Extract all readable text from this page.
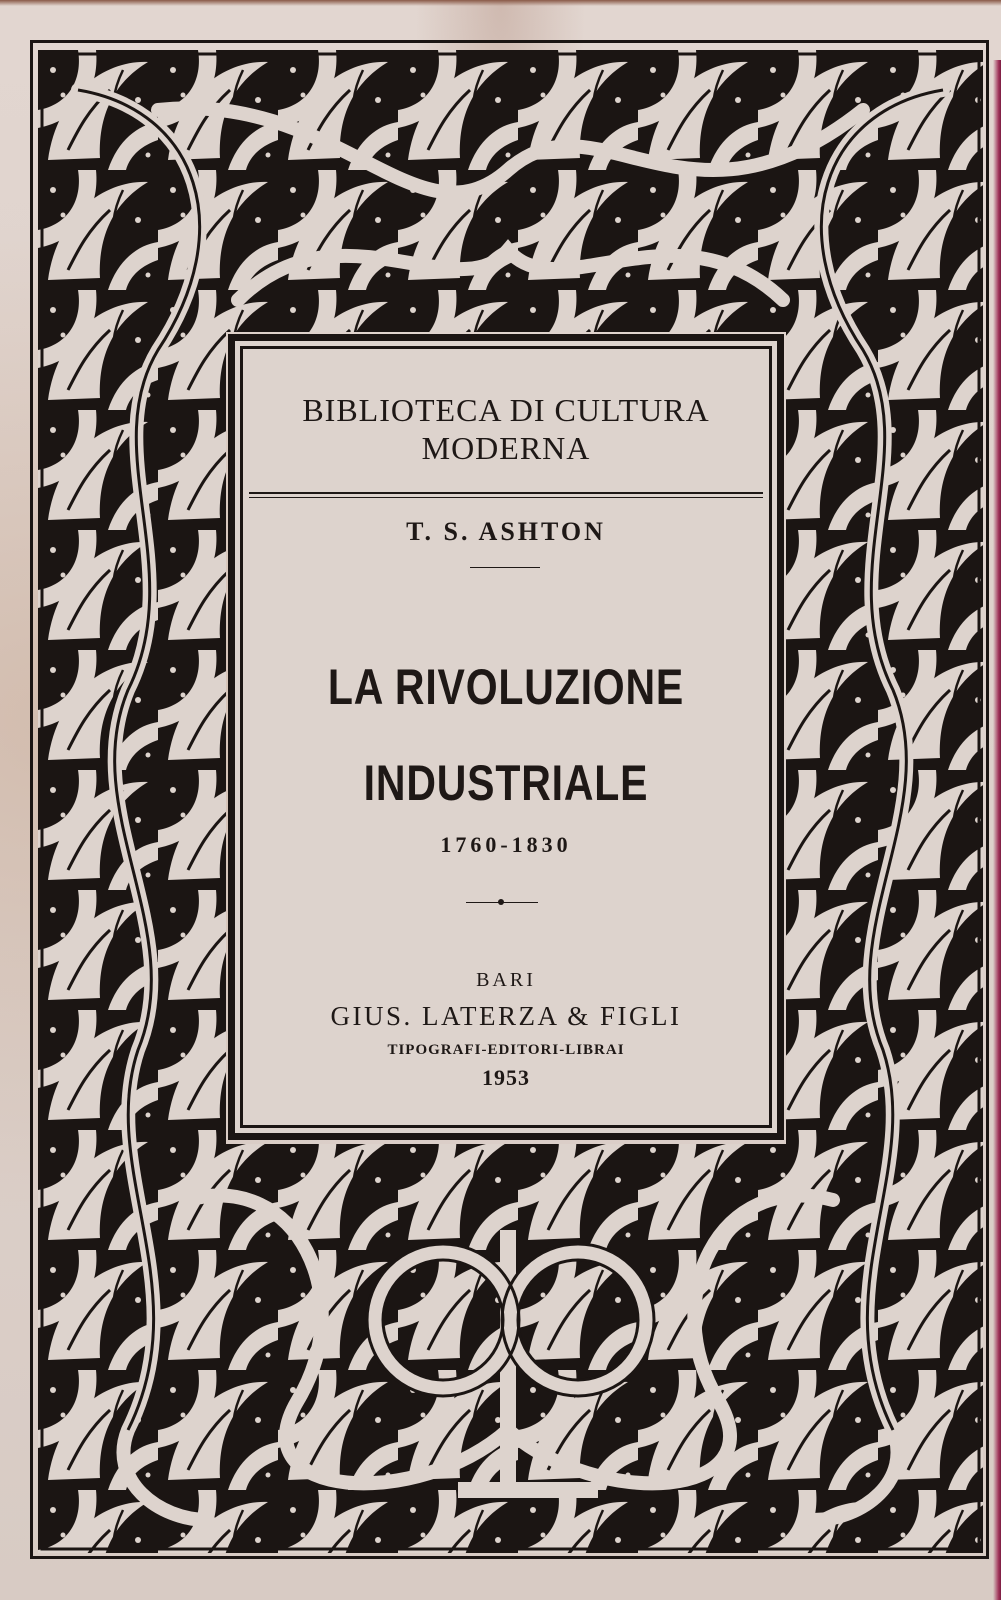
BIBLIOTECA DI CULTURA
MODERNA
T. S. ASHTON
LA RIVOLUZIONE
INDUSTRIALE
1760-1830
BARI
GIUS. LATERZA & FIGLI
TIPOGRAFI-EDITORI-LIBRAI
1953
